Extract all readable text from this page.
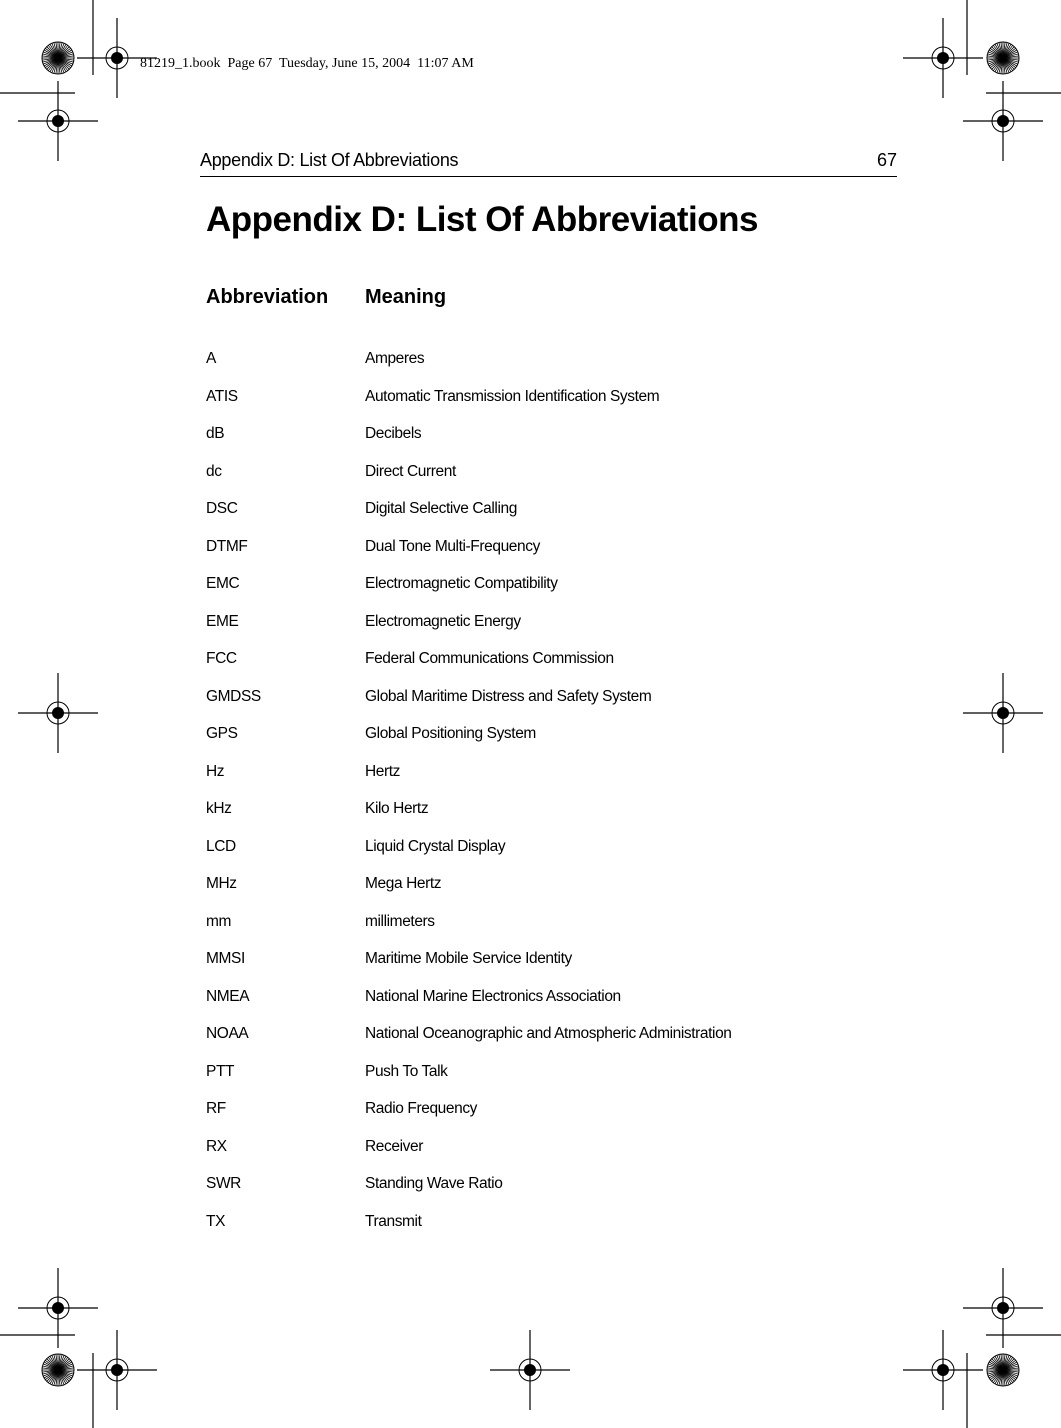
81219_1.book  Page 67  Tuesday, June 15, 2004  11:07 AM
Appendix D: List Of Abbreviations	67
Appendix D: List Of Abbreviations
Abbreviation Meaning
A	Amperes
ATIS	Automatic Transmission Identification System
dB	Decibels
dc	Direct Current
DSC	Digital Selective Calling
DTMF	Dual Tone Multi-Frequency
EMC	Electromagnetic Compatibility
EME	Electromagnetic Energy
FCC	Federal Communications Commission
GMDSS	Global Maritime Distress and Safety System
GPS	Global Positioning System
Hz	Hertz
kHz	Kilo Hertz
LCD	Liquid Crystal Display
MHz	Mega Hertz
mm	millimeters
MMSI	Maritime Mobile Service Identity
NMEA	National Marine Electronics Association
NOAA	National Oceanographic and Atmospheric Administration
PTT	Push To Talk
RF	Radio Frequency
RX	Receiver
SWR	Standing Wave Ratio
TX	Transmit
